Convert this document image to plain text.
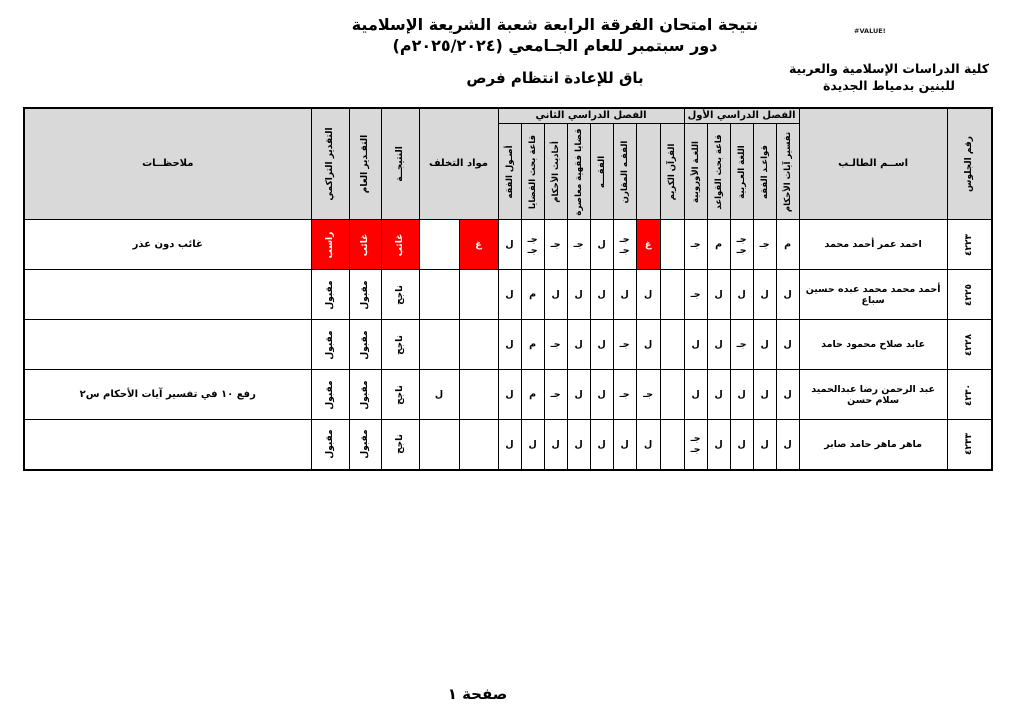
#VALUE!
نتيجة امتحان الفرقة الرابعة شعبة الشريعة الإسلامية
دور سبتمبر للعام الجـامعي (٢٠٢٥/٢٠٢٤م)
باق للإعادة انتظام فرص
كلية الدراسات الإسلامية والعربية
للبنين بدمياط الجديدة
رقم الجلوس	اســم الطالـب	الفصل الدراسي الأول					الفصل الدراسي الثاني								مواد التخلف		النتيجــة	التقـدير العام	التقدير التراكمي	ملاحظــات

		تفسير آيات الأحكام	قواعـد الفقه	اللغة العـربية	قاعة بحث القواعد	اللغـة الأوروبية	القرآن الكريم		الفقـه المقارن	الفقـــه	قضايا فقهية معاصرة	أحاديث الأحكام	قاعة بحث القضايا	أصـول الفقه						

٤٢٢٣	احمد عمر أحمد محمد	م	جـ	جـ جـ	م	جـ		غ	جـ جـ	ل	جـ	جـ	جـ جـ	ل	غ		غائب	غائب	راسب	غائب دون عذر

٤٢٢٥	أحمد محمد محمد عبده حسين سباع	ل	ل	ل	ل	جـ		ل	ل	ل	ل	ل	م	ل			ناجح	مقبول	مقبول	

٤٢٢٨	عابد صلاح محمود حامد	ل	ل	جـ	ل	ل		ل	جـ	ل	ل	جـ	م	ل			ناجح	مقبول	مقبول	

٤٢٣٠	عبد الرحمن رضا عبدالحميد سلام حسن	ل	ل	ل	ل	ل		جـ	جـ	ل	ل	جـ	م	ل		ل	ناجح	مقبول	مقبول	رفع ١٠ في تفسير آيات الأحكام س٢

٤٢٣٣	ماهر ماهر حامد صابر	ل	ل	ل	ل	جـ جـ		ل	ل	ل	ل	ل	ل	ل			ناجح	مقبول	مقبول	

صفحة ١
